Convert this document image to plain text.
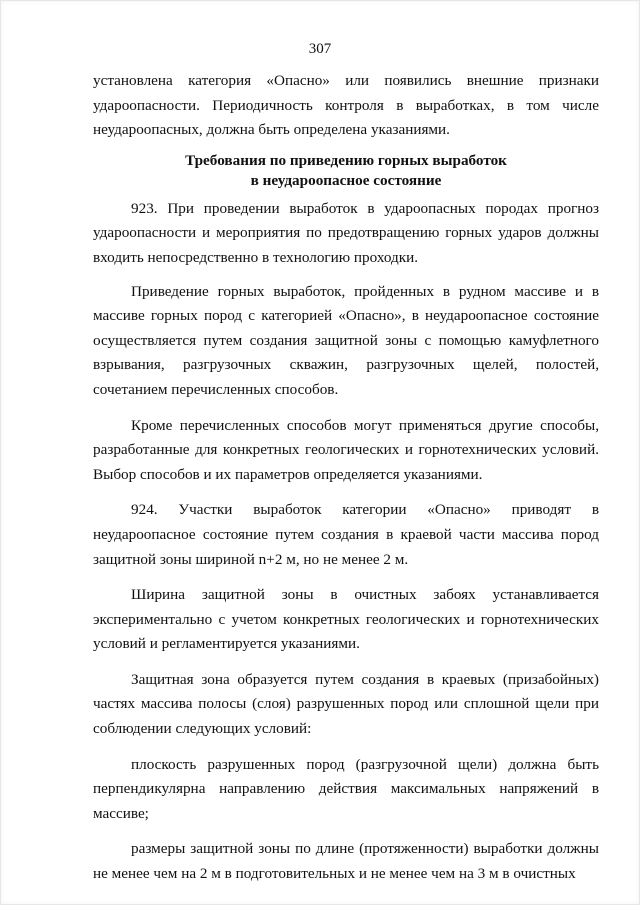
307

установлена категория «Опасно» или появились внешние признаки удароопасности. Периодичность контроля в выработках, в том числе неудароопасных, должна быть определена указаниями.

Требования по приведению горных выработок
в неударoопасное состояние

923. При проведении выработок в удароопасных породах прогноз удароопасности и мероприятия по предотвращению горных ударов должны входить непосредственно в технологию проходки.

Приведение горных выработок, пройденных в рудном массиве и в массиве горных пород с категорией «Опасно», в неудароопасное состояние осуществляется путем создания защитной зоны с помощью камуфлетного взрывания, разгрузочных скважин, разгрузочных щелей, полостей, сочетанием перечисленных способов.

Кроме перечисленных способов могут применяться другие способы, разработанные для конкретных геологических и горнотехнических условий. Выбор способов и их параметров определяется указаниями.

924. Участки выработок категории «Опасно» приводят в неудароопасное состояние путем создания в краевой части массива пород защитной зоны шириной n+2 м, но не менее 2 м.

Ширина защитной зоны в очистных забоях устанавливается экспериментально с учетом конкретных геологических и горнотехнических условий и регламентируется указаниями.

Защитная зона образуется путем создания в краевых (призабойных) частях массива полосы (слоя) разрушенных пород или сплошной щели при соблюдении следующих условий:

плоскость разрушенных пород (разгрузочной щели) должна быть перпендикулярна направлению действия максимальных напряжений в массиве;

размеры защитной зоны по длине (протяженности) выработки должны не менее чем на 2 м в подготовительных и не менее чем на 3 м в очистных
